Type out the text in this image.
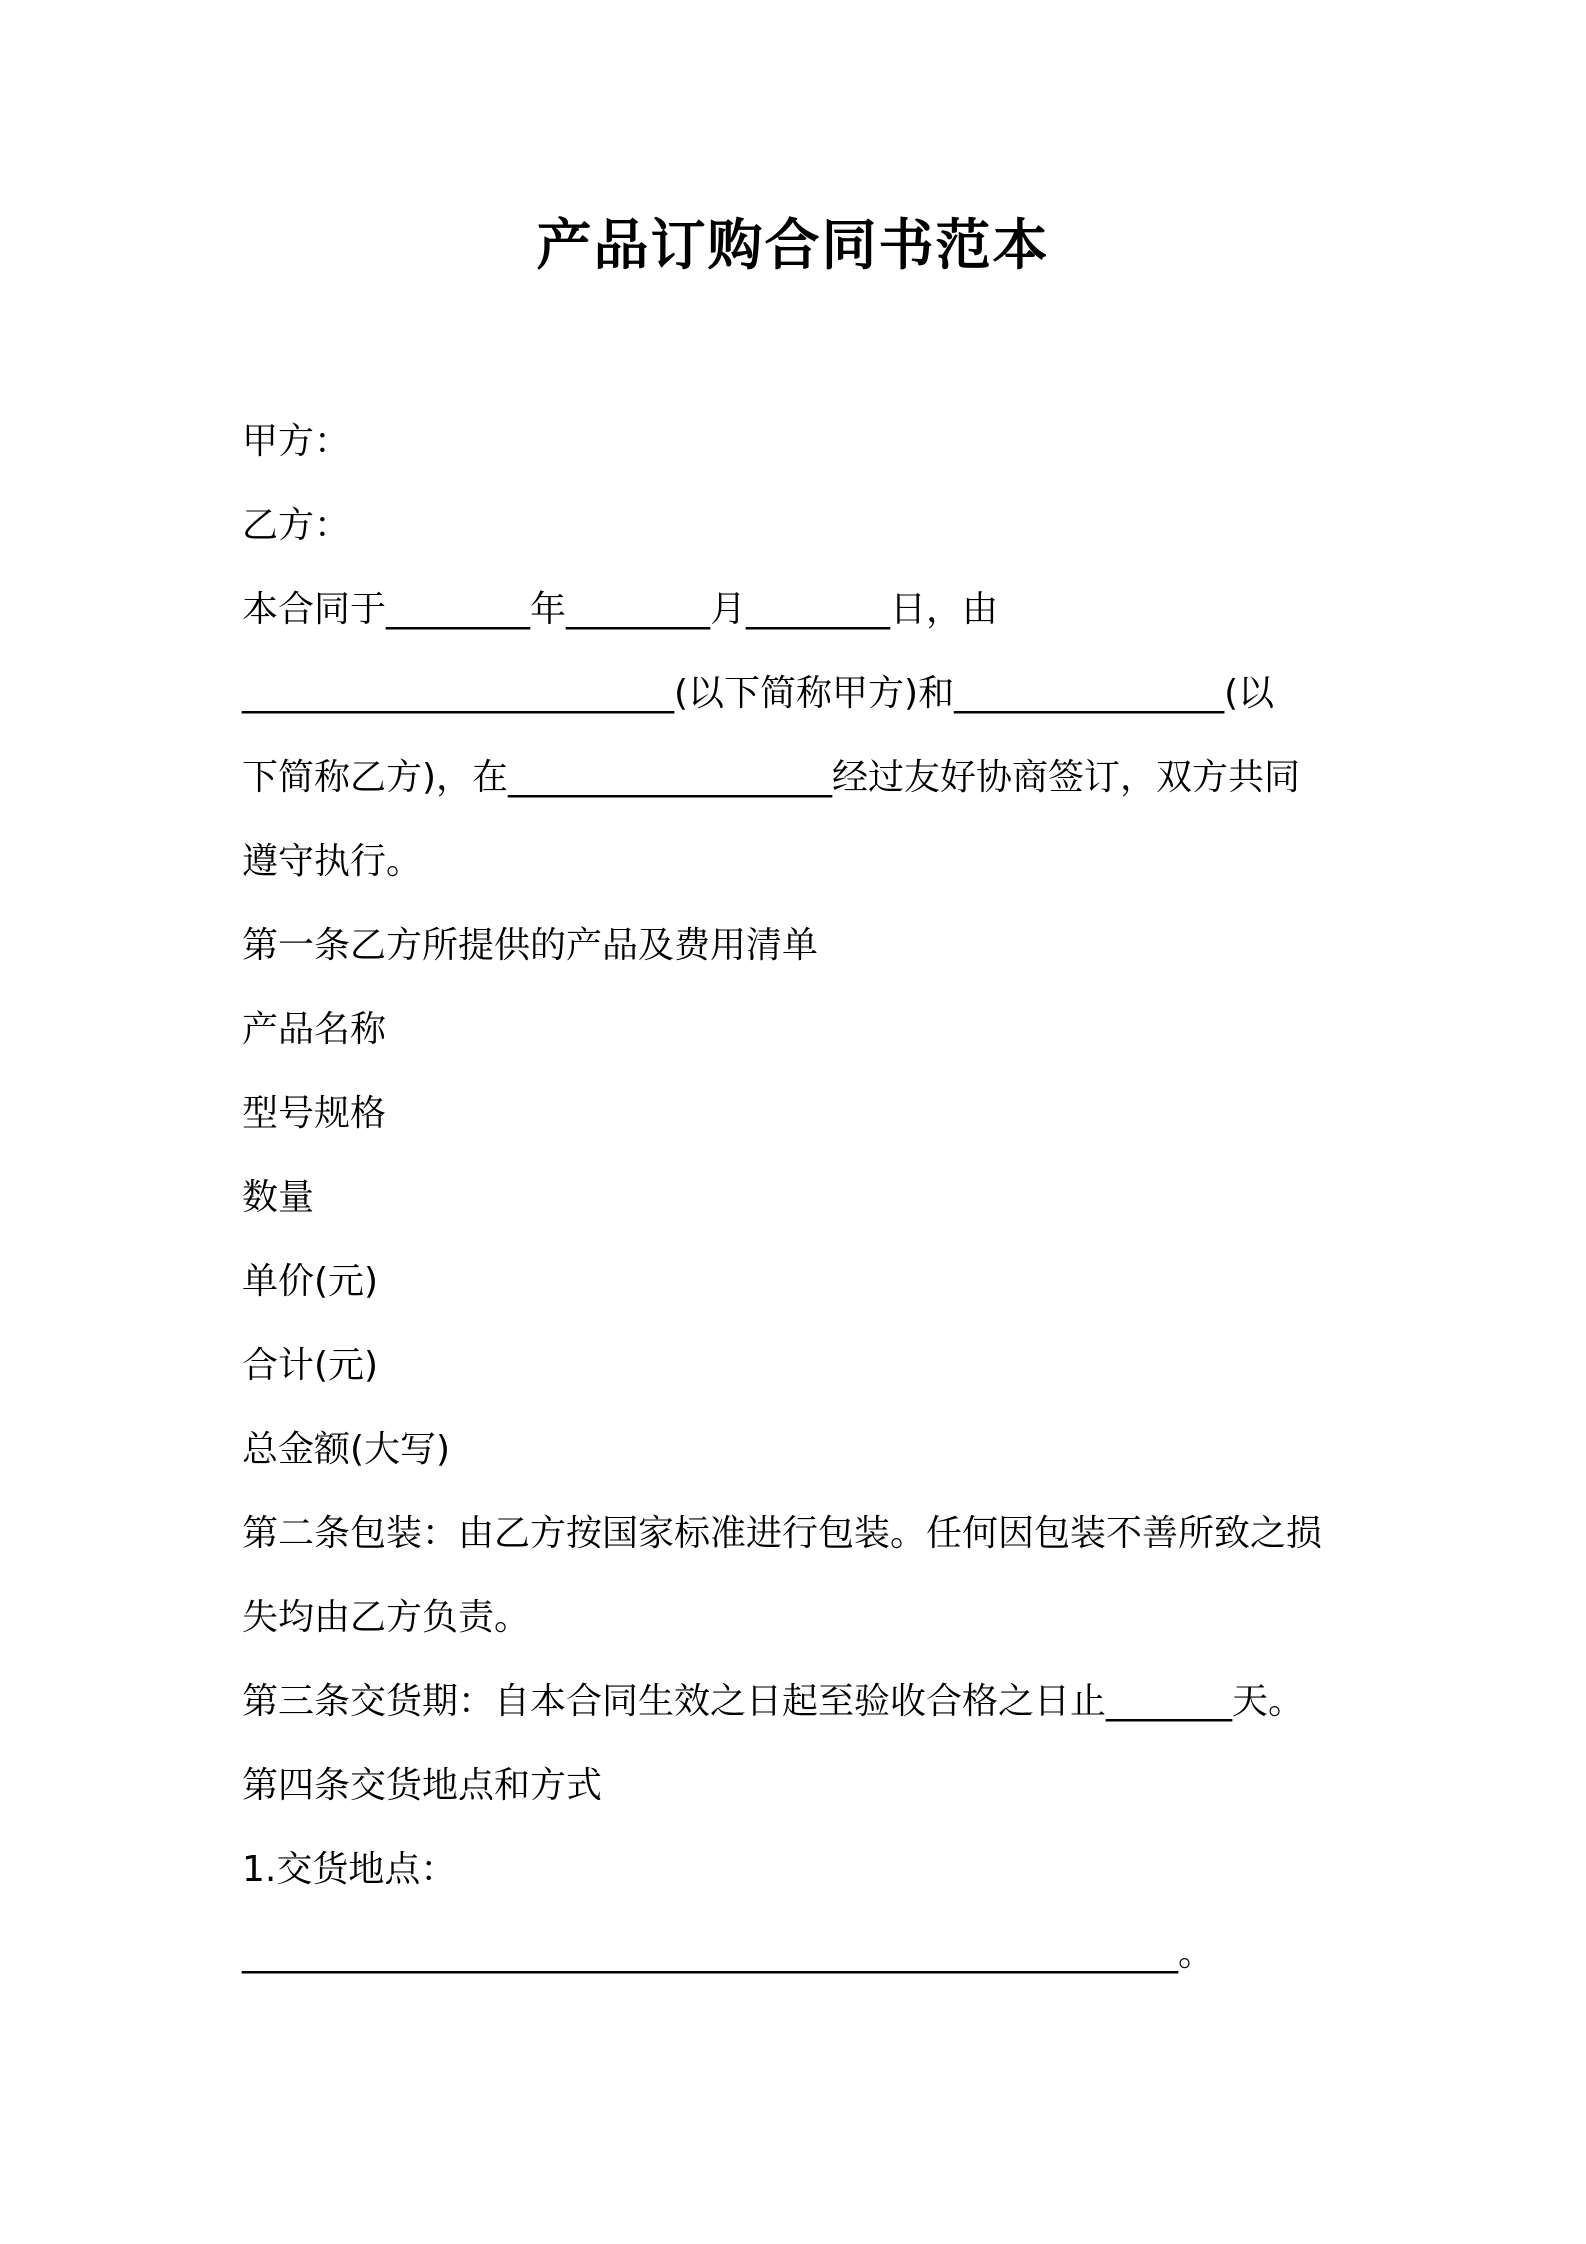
产品订购合同书范本
甲方：
乙方：
本合同于________年________月________日，由
________________________(以下简称甲方)和_______________(以
下简称乙方)，在__________________经过友好协商签订，双方共同
遵守执行。
第一条乙方所提供的产品及费用清单
产品名称
型号规格
数量
单价(元)
合计(元)
总金额(大写)
第二条包装：由乙方按国家标准进行包装。任何因包装不善所致之损
失均由乙方负责。
第三条交货期：自本合同生效之日起至验收合格之日止_______天。
第四条交货地点和方式
1.交货地点：
____________________________________________________。
